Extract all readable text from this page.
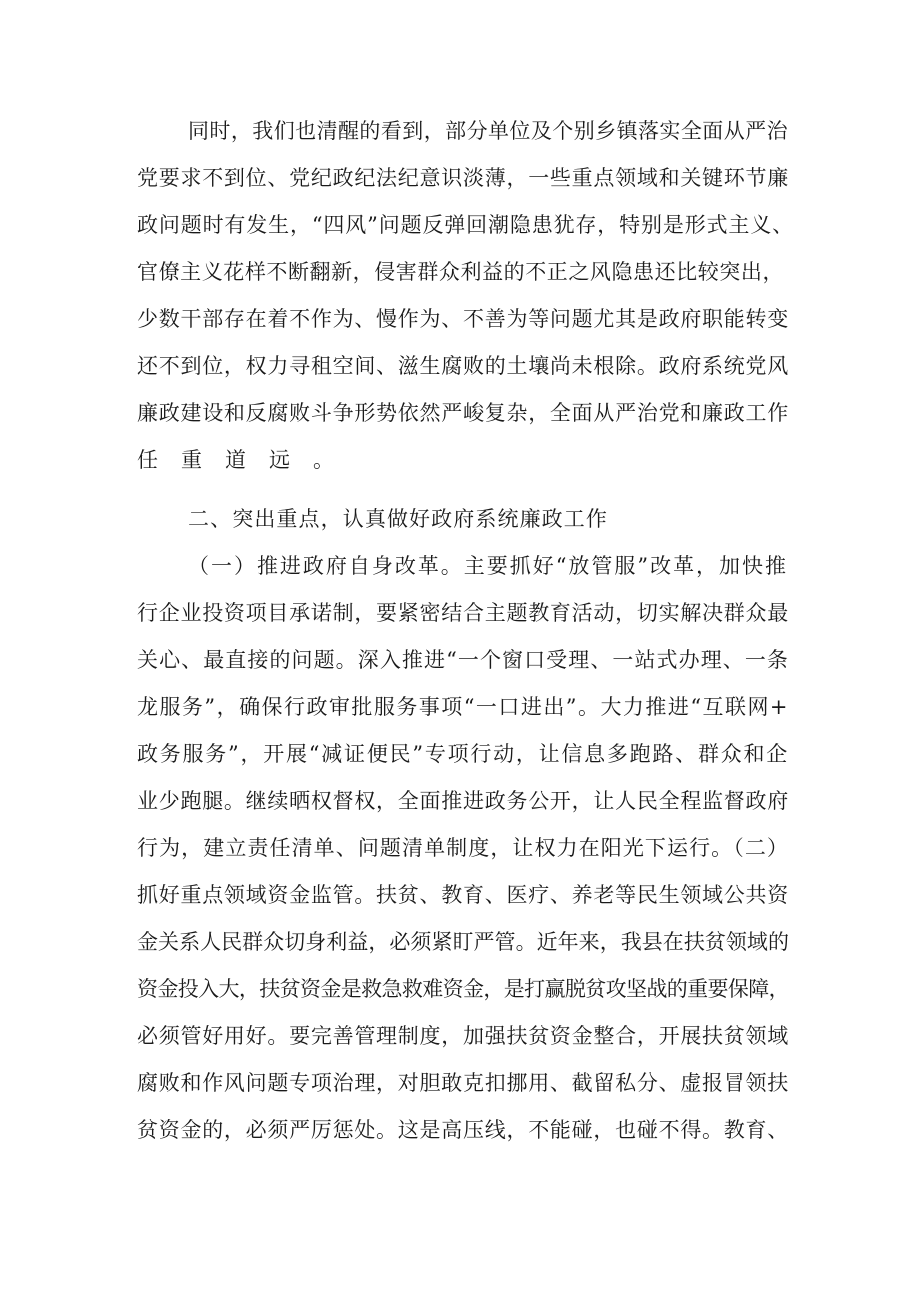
同时，我们也清醒的看到，部分单位及个别乡镇落实全面从严治
党要求不到位、党纪政纪法纪意识淡薄，一些重点领域和关键环节廉
政问题时有发生，“四风”问题反弹回潮隐患犹存，特别是形式主义、
官僚主义花样不断翻新，侵害群众利益的不正之风隐患还比较突出，
少数干部存在着不作为、慢作为、不善为等问题尤其是政府职能转变
还不到位，权力寻租空间、滋生腐败的土壤尚未根除。政府系统党风
廉政建设和反腐败斗争形势依然严峻复杂，全面从严治党和廉政工作
任重道远。
二、突出重点，认真做好政府系统廉政工作
（一）推进政府自身改革。主要抓好“放管服”改革，加快推
行企业投资项目承诺制，要紧密结合主题教育活动，切实解决群众最
关心、最直接的问题。深入推进“一个窗口受理、一站式办理、一条
龙服务”，确保行政审批服务事项“一口进出”。大力推进“互联网+
政务服务”，开展“减证便民”专项行动，让信息多跑路、群众和企
业少跑腿。继续晒权督权，全面推进政务公开，让人民全程监督政府
行为，建立责任清单、问题清单制度，让权力在阳光下运行。（二）
抓好重点领域资金监管。扶贫、教育、医疗、养老等民生领域公共资
金关系人民群众切身利益，必须紧盯严管。近年来，我县在扶贫领域的
资金投入大，扶贫资金是救急救难资金，是打赢脱贫攻坚战的重要保障，
必须管好用好。要完善管理制度，加强扶贫资金整合，开展扶贫领域
腐败和作风问题专项治理，对胆敢克扣挪用、截留私分、虚报冒领扶
贫资金的，必须严厉惩处。这是高压线，不能碰，也碰不得。教育、
